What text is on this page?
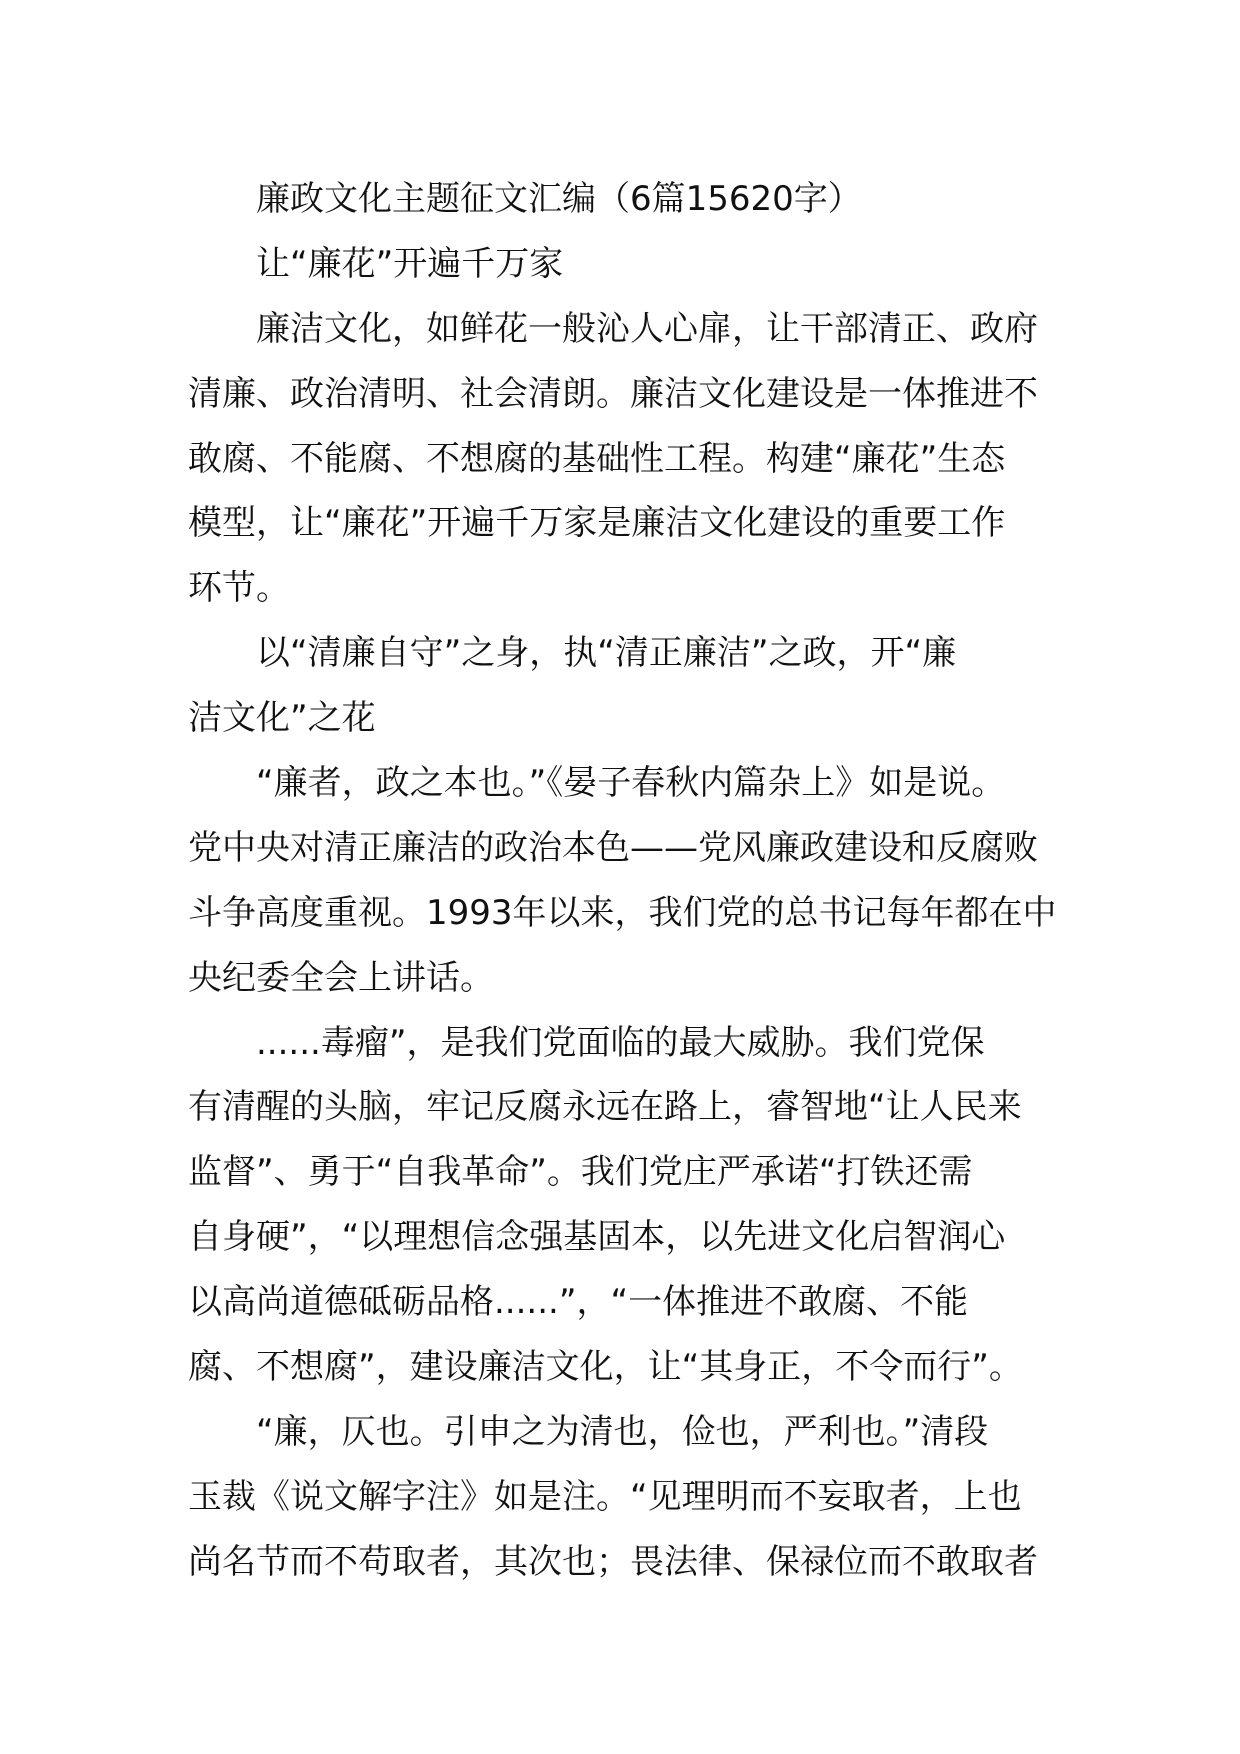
廉政文化主题征文汇编（6篇15620字）
让“廉花”开遍千万家
廉洁文化，如鲜花一般沁人心扉，让干部清正、政府
清廉、政治清明、社会清朗。廉洁文化建设是一体推进不
敢腐、不能腐、不想腐的基础性工程。构建“廉花”生态
模型，让“廉花”开遍千万家是廉洁文化建设的重要工作
环节。
以“清廉自守”之身，执“清正廉洁”之政，开“廉
洁文化”之花
“廉者，政之本也。”《晏子春秋内篇杂上》如是说。
党中央对清正廉洁的政治本色——党风廉政建设和反腐败
斗争高度重视。1993年以来，我们党的总书记每年都在中
央纪委全会上讲话。
......毒瘤”，是我们党面临的最大威胁。我们党保
有清醒的头脑，牢记反腐永远在路上，睿智地“让人民来
监督”、勇于“自我革命”。我们党庄严承诺“打铁还需
自身硬”，“以理想信念强基固本，以先进文化启智润心
以高尚道德砥砺品格......”，“一体推进不敢腐、不能
腐、不想腐”，建设廉洁文化，让“其身正，不令而行”。
“廉，仄也。引申之为清也，俭也，严利也。”清段
玉裁《说文解字注》如是注。“见理明而不妄取者，上也
尚名节而不苟取者，其次也；畏法律、保禄位而不敢取者
